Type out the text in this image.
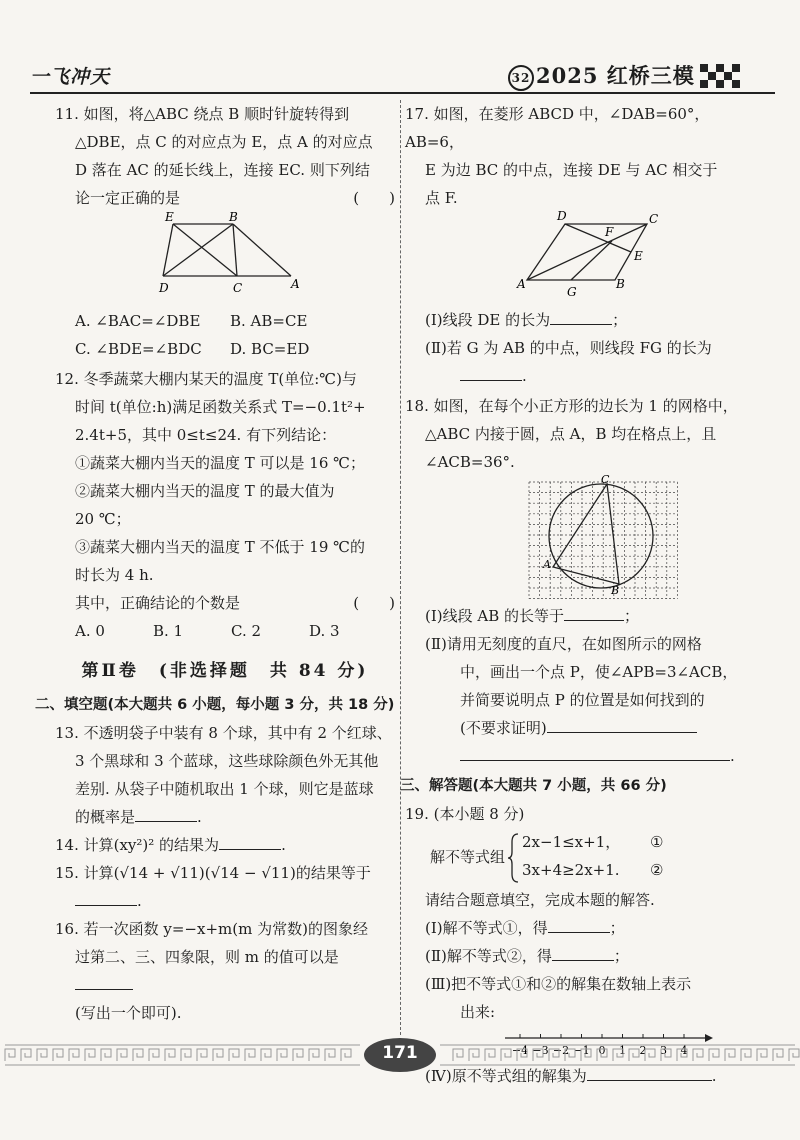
一飞冲天	32 2025 红桥三模

11. 如图，将△ABC 绕点 B 顺时针旋转得到

△DBE，点 C 的对应点为 E，点 A 的对应点

D 落在 AC 的延长线上，连接 EC. 则下列结

论一定正确的是	(　　)

E	B
D	C	A

A. ∠BAC=∠DBE B. AB=CE

C. ∠BDE=∠BDC D. BC=ED

12. 冬季蔬菜大棚内某天的温度 T(单位:℃)与

时间 t(单位:h)满足函数关系式 T=−0.1t²+

2.4t+5，其中 0≤t≤24. 有下列结论：

①蔬菜大棚内当天的温度 T 可以是 16 ℃；

②蔬菜大棚内当天的温度 T 的最大值为

20 ℃；

③蔬菜大棚内当天的温度 T 不低于 19 ℃的

时长为 4 h.

其中，正确结论的个数是	(　　)

A. 0	B. 1	C. 2	D. 3

第Ⅱ卷　(非选择题　共 84 分)

二、填空题(本大题共 6 小题，每小题 3 分，共 18 分)

13. 不透明袋子中装有 8 个球，其中有 2 个红球、

3 个黑球和 3 个蓝球，这些球除颜色外无其他

差别. 从袋子中随机取出 1 个球，则它是蓝球

的概率是	.

14. 计算(xy²)² 的结果为	.

15. 计算(√14 + √11)(√14 − √11)的结果等于

.

16. 若一次函数 y=−x+m(m 为常数)的图象经

过第二、三、四象限，则 m 的值可以是

(写出一个即可).

17. 如图，在菱形 ABCD 中，∠DAB=60°，AB=6，

E 为边 BC 的中点，连接 DE 与 AC 相交于

点 F.

D	C
F
E
A
G
B

(Ⅰ)线段 DE 的长为	；

(Ⅱ)若 G 为 AB 的中点，则线段 FG 的长为

.

18. 如图，在每个小正方形的边长为 1 的网格中，

△ABC 内接于圆，点 A，B 均在格点上，且

∠ACB=36°.

C
A
B

(Ⅰ)线段 AB 的长等于	；

(Ⅱ)请用无刻度的直尺，在如图所示的网格

中，画出一个点 P，使∠APB=3∠ACB，

并简要说明点 P 的位置是如何找到的

(不要求证明)

.

三、解答题(本大题共 7 小题，共 66 分)

19. (本小题 8 分)

解不等式组
2x−1≤x+1，
3x+4≥2x+1.
①
②

请结合题意填空，完成本题的解答.

(Ⅰ)解不等式①，得	；

(Ⅱ)解不等式②，得	；

(Ⅲ)把不等式①和②的解集在数轴上表示

出来:

−4 −3 −2 −1 0 1 2 3 4

(Ⅳ)原不等式组的解集为	.

171
